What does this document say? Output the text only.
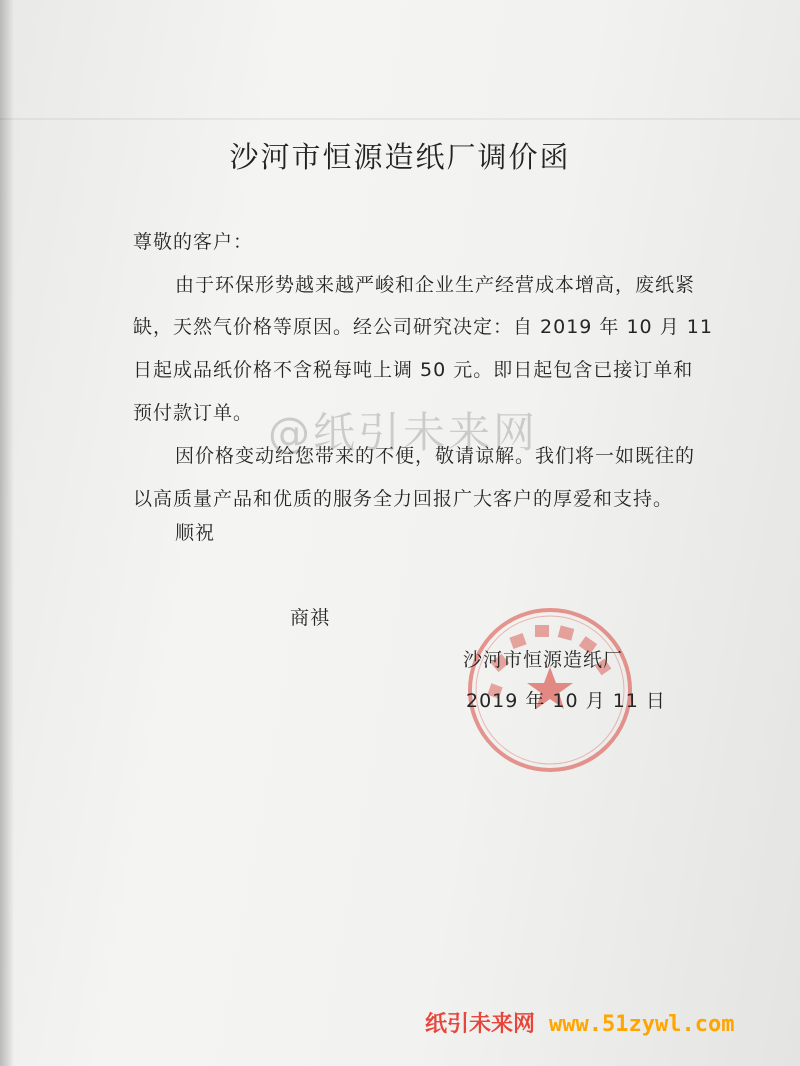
沙河市恒源造纸厂调价函
尊敬的客户：
由于环保形势越来越严峻和企业生产经营成本增高，废纸紧
缺，天然气价格等原因。经公司研究决定：自 2019 年 10 月 11
日起成品纸价格不含税每吨上调 50 元。即日起包含已接订单和
预付款订单。
因价格变动给您带来的不便，敬请谅解。我们将一如既往的
以高质量产品和优质的服务全力回报广大客户的厚爱和支持。
顺祝
商祺
沙河市恒源造纸厂
2019 年 10 月 11 日
@纸引未来网
纸引未来网 www.51zywl.com
